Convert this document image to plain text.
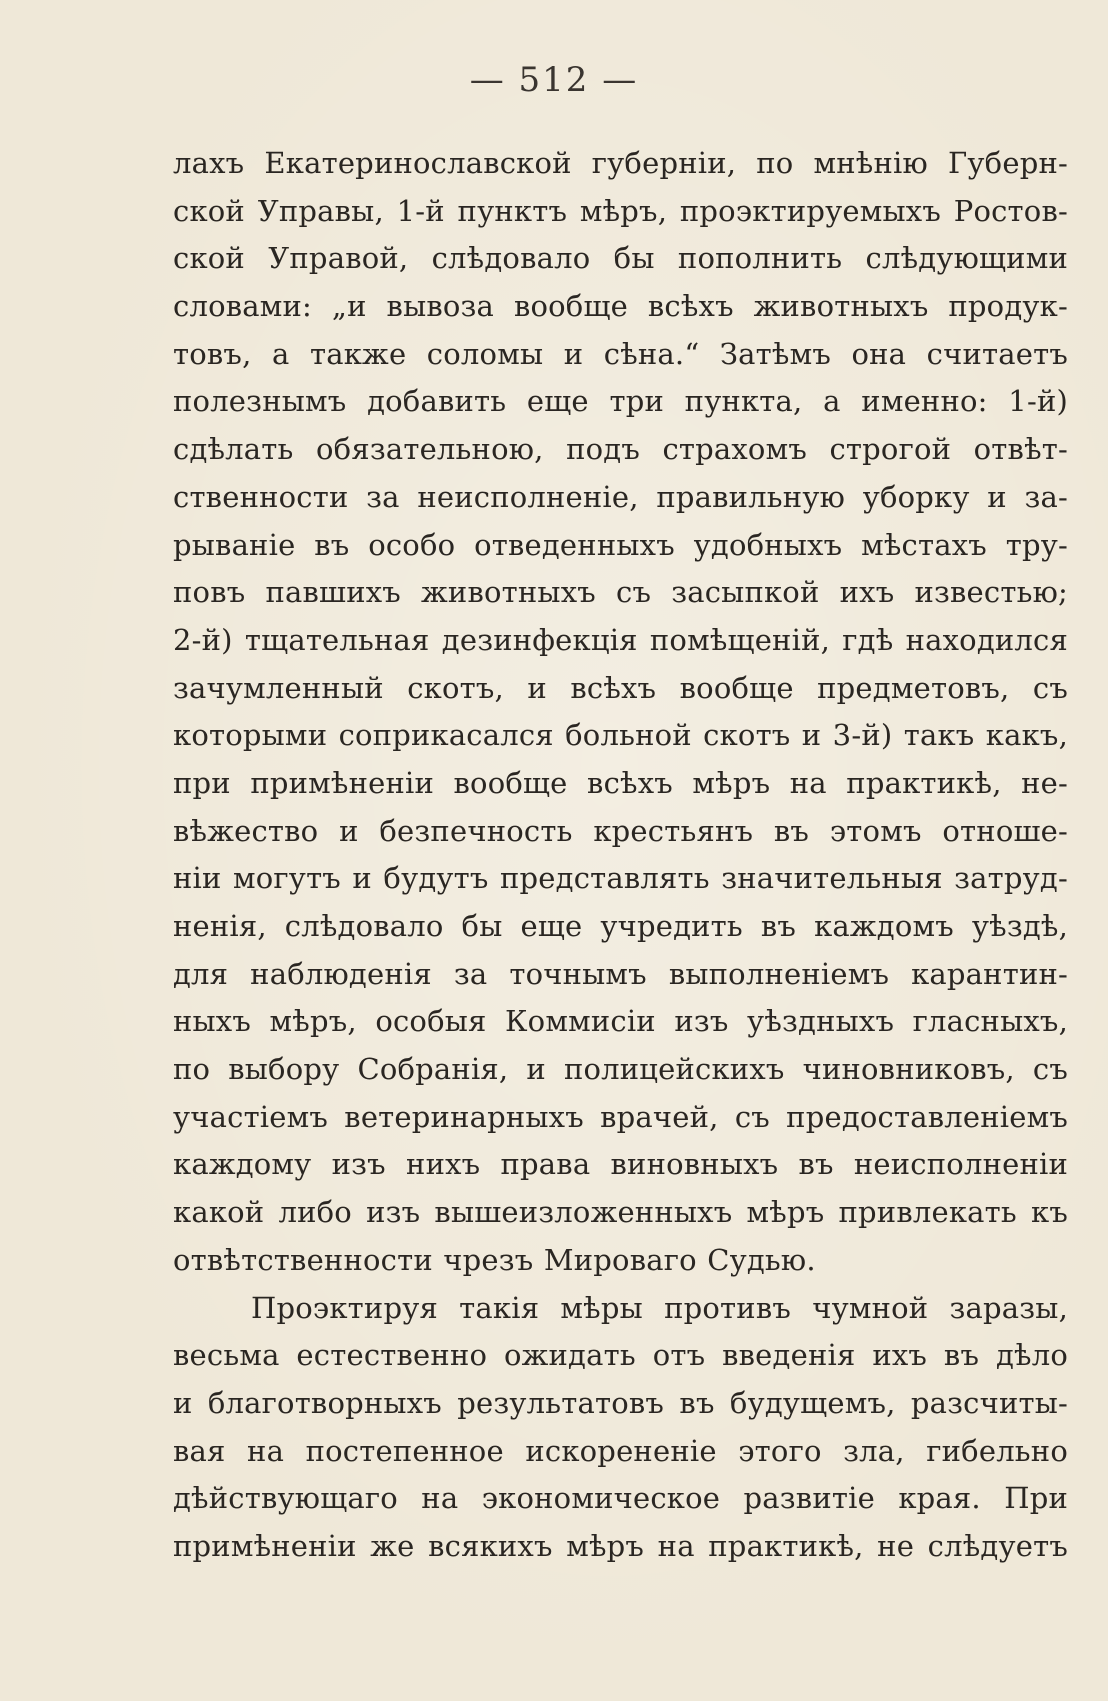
— 512 —
лахъ Екатеринославской губерніи, по мнѣнію Губерн-
ской Управы, 1-й пунктъ мѣръ, проэктируемыхъ Ростов-
ской Управой, слѣдовало бы пополнить слѣдующими
словами: „и вывоза вообще всѣхъ животныхъ продук-
товъ, а также соломы и сѣна.“ Затѣмъ она считаетъ
полезнымъ добавить еще три пункта, а именно: 1-й)
сдѣлать обязательною, подъ страхомъ строгой отвѣт-
ственности за неисполненіе, правильную уборку и за-
рываніе въ особо отведенныхъ удобныхъ мѣстахъ тру-
повъ павшихъ животныхъ съ засыпкой ихъ известью;
2-й) тщательная дезинфекція помѣщеній, гдѣ находился
зачумленный скотъ, и всѣхъ вообще предметовъ, съ
которыми соприкасался больной скотъ и 3-й) такъ какъ,
при примѣненіи вообще всѣхъ мѣръ на практикѣ, не-
вѣжество и безпечность крестьянъ въ этомъ отноше-
ніи могутъ и будутъ представлять значительныя затруд-
ненія, слѣдовало бы еще учредить въ каждомъ уѣздѣ,
для наблюденія за точнымъ выполненіемъ карантин-
ныхъ мѣръ, особыя Коммисіи изъ уѣздныхъ гласныхъ,
по выбору Собранія, и полицейскихъ чиновниковъ, съ
участіемъ ветеринарныхъ врачей, съ предоставленіемъ
каждому изъ нихъ права виновныхъ въ неисполненіи
какой либо изъ вышеизложенныхъ мѣръ привлекать къ
отвѣтственности чрезъ Мироваго Судью.
Проэктируя такія мѣры противъ чумной заразы,
весьма естественно ожидать отъ введенія ихъ въ дѣло
и благотворныхъ результатовъ въ будущемъ, разсчиты-
вая на постепенное искорененіе этого зла, гибельно
дѣйствующаго на экономическое развитіе края. При
примѣненіи же всякихъ мѣръ на практикѣ, не слѣдуетъ
